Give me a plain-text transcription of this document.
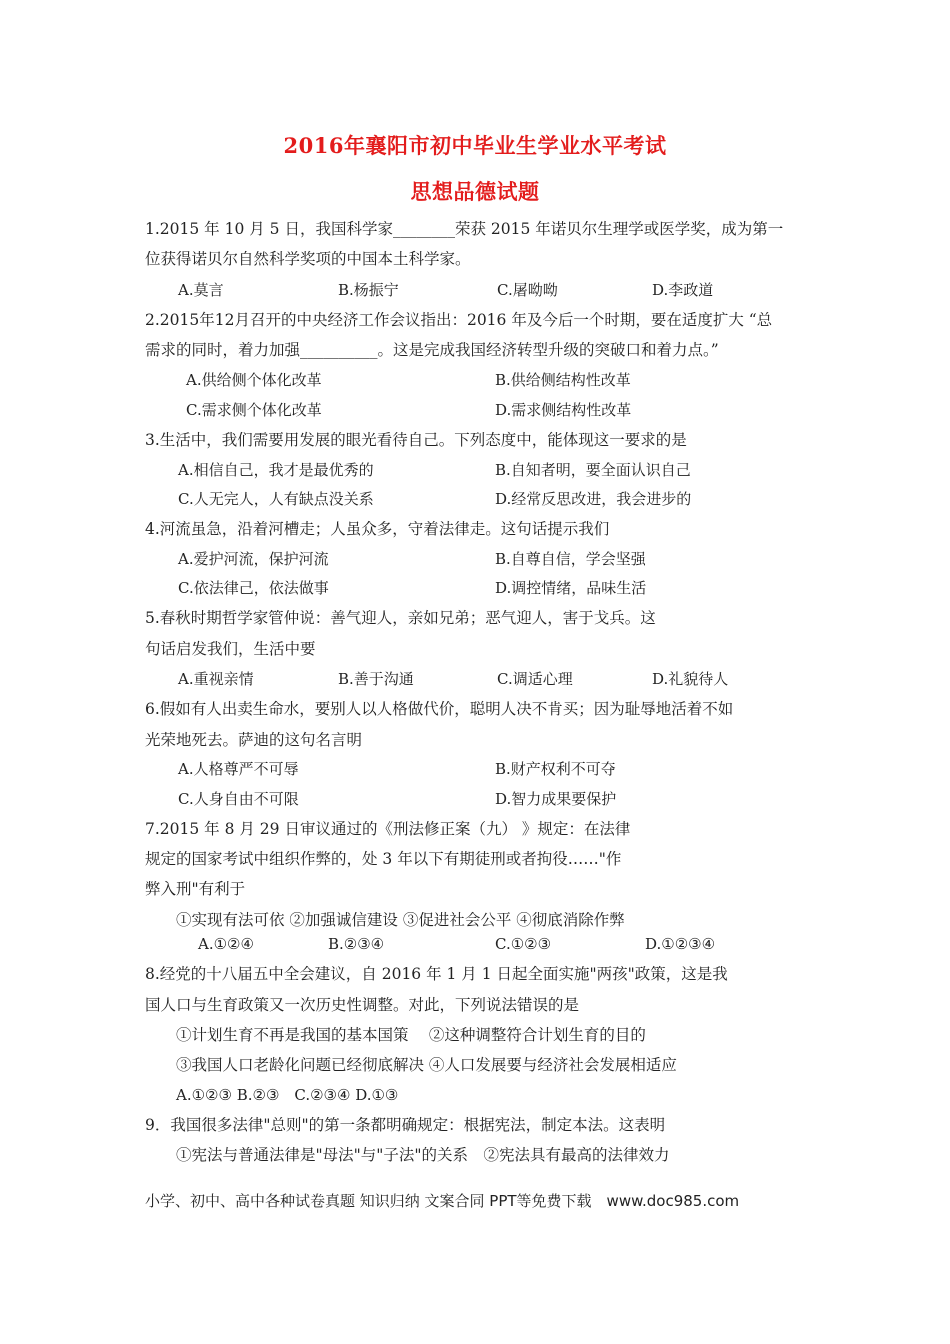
2016年襄阳市初中毕业生学业水平考试
思想品德试题
1.2015 年 10 月 5 日，我国科学家________荣获 2015 年诺贝尔生理学或医学奖，成为第一
位获得诺贝尔自然科学奖项的中国本土科学家。
A.莫言	B.杨振宁	C.屠呦呦	D.李政道
2.2015年12月召开的中央经济工作会议指出：2016 年及今后一个时期，要在适度扩大 “总
需求的同时，着力加强__________。这是完成我国经济转型升级的突破口和着力点。”
A.供给侧个体化改革	B.供给侧结构性改革
C.需求侧个体化改革	D.需求侧结构性改革
3.生活中，我们需要用发展的眼光看待自己。下列态度中，能体现这一要求的是
A.相信自己，我才是最优秀的	B.自知者明，要全面认识自己
C.人无完人，人有缺点没关系	D.经常反思改进，我会进步的
4.河流虽急，沿着河槽走；人虽众多，守着法律走。这句话提示我们
A.爱护河流，保护河流	B.自尊自信，学会坚强
C.依法律己，依法做事	D.调控情绪，品味生活
5.春秋时期哲学家管仲说：善气迎人，亲如兄弟；恶气迎人，害于戈兵。这
句话启发我们，生活中要
A.重视亲情	B.善于沟通	C.调适心理	D.礼貌待人
6.假如有人出卖生命水，要别人以人格做代价，聪明人决不肯买；因为耻辱地活着不如
光荣地死去。萨迪的这句名言明
A.人格尊严不可辱	B.财产权利不可夺
C.人身自由不可限	D.智力成果要保护
7.2015 年 8 月 29 日审议通过的《刑法修正案（九） 》规定：在法律
规定的国家考试中组织作弊的，处 3 年以下有期徒刑或者拘役……"作
弊入刑"有利于
①实现有法可依 ②加强诚信建设 ③促进社会公平 ④彻底消除作弊
A.①②④	B.②③④	C.①②③	D.①②③④
8.经党的十八届五中全会建议，自 2016 年 1 月 1 日起全面实施"两孩"政策，这是我
国人口与生育政策又一次历史性调整。对此，下列说法错误的是
①计划生育不再是我国的基本国策　 ②这种调整符合计划生育的目的
③我国人口老龄化问题已经彻底解决 ④人口发展要与经济社会发展相适应
A.①②③ B.②③　C.②③④ D.①③
9．我国很多法律"总则"的第一条都明确规定：根据宪法，制定本法。这表明
①宪法与普通法律是"母法"与"子法"的关系　②宪法具有最高的法律效力
小学、初中、高中各种试卷真题 知识归纳 文案合同 PPT等免费下载　www.doc985.com
